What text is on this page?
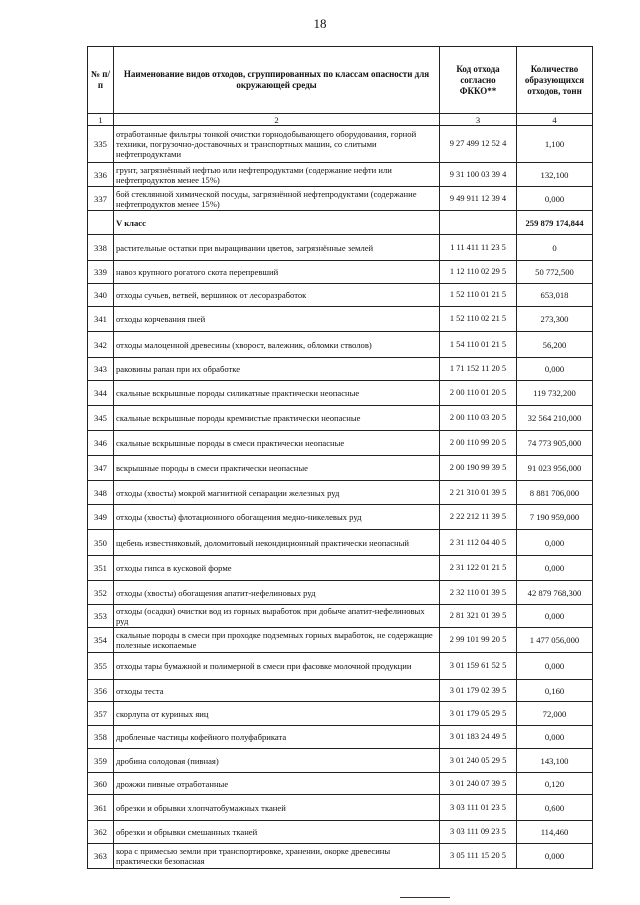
18
№ п/п	Наименование видов отходов, сгруппированных по классам опасности для окружающей среды	Код отхода согласно ФККО**	Количество образующихся отходов, тонн
1	2	3	4
335	отработанные фильтры тонкой очистки горнодобывающего оборудования, горной техники, погрузочно-доставочных и транспортных машин, со слитыми нефтепродуктами	9 27 499 12 52 4	1,100
336	грунт, загрязнённый нефтью или нефтепродуктами (содержание нефти или нефтепродуктов менее 15%)	9 31 100 03 39 4	132,100
337	бой стеклянной химической посуды, загрязнённой нефтепродуктами (содержание нефтепродуктов менее 15%)	9 49 911 12 39 4	0,000
	V класс		259 879 174,844
338	растительные остатки при выращивании цветов, загрязнённые землей	1 11 411 11 23 5	0
339	навоз крупного рогатого скота перепревший	1 12 110 02 29 5	50 772,500
340	отходы сучьев, ветвей, вершинок от лесоразработок	1 52 110 01 21 5	653,018
341	отходы корчевания пней	1 52 110 02 21 5	273,300
342	отходы малоценной древесины (хворост, валежник, обломки стволов)	1 54 110 01 21 5	56,200
343	раковины рапан при их обработке	1 71 152 11 20 5	0,000
344	скальные вскрышные породы силикатные практически неопасные	2 00 110 01 20 5	119 732,200
345	скальные вскрышные породы кремнистые практически неопасные	2 00 110 03 20 5	32 564 210,000
346	скальные вскрышные породы в смеси практически неопасные	2 00 110 99 20 5	74 773 905,000
347	вскрышные породы в смеси практически неопасные	2 00 190 99 39 5	91 023 956,000
348	отходы (хвосты) мокрой магнитной сепарации железных руд	2 21 310 01 39 5	8 881 706,000
349	отходы (хвосты) флотационного обогащения медно-никелевых руд	2 22 212 11 39 5	7 190 959,000
350	щебень известняковый, доломитовый некондиционный практически неопасный	2 31 112 04 40 5	0,000
351	отходы гипса в кусковой форме	2 31 122 01 21 5	0,000
352	отходы (хвосты) обогащения апатит-нефелиновых руд	2 32 110 01 39 5	42 879 768,300
353	отходы (осадки) очистки вод из горных выработок при добыче апатит-нефелиновых руд	2 81 321 01 39 5	0,000
354	скальные породы в смеси при проходке подземных горных выработок, не содержащие полезные ископаемые	2 99 101 99 20 5	1 477 056,000
355	отходы тары бумажной и полимерной в смеси при фасовке молочной продукции	3 01 159 61 52 5	0,000
356	отходы теста	3 01 179 02 39 5	0,160
357	скорлупа от куриных яиц	3 01 179 05 29 5	72,000
358	дробленые частицы кофейного полуфабриката	3 01 183 24 49 5	0,000
359	дробина солодовая (пивная)	3 01 240 05 29 5	143,100
360	дрожжи пивные отработанные	3 01 240 07 39 5	0,120
361	обрезки и обрывки хлопчатобумажных тканей	3 03 111 01 23 5	0,600
362	обрезки и обрывки смешанных тканей	3 03 111 09 23 5	114,460
363	кора с примесью земли при транспортировке, хранении, окорке древесины практически безопасная	3 05 111 15 20 5	0,000
